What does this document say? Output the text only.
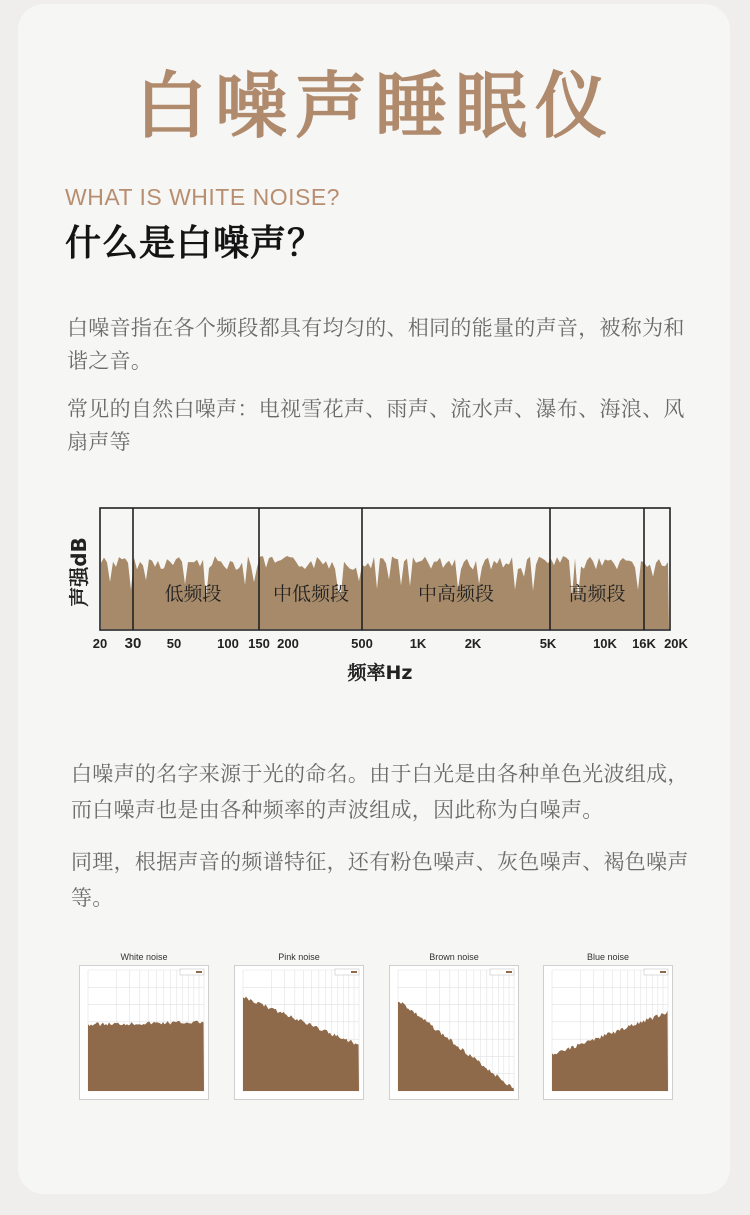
白噪声睡眠仪
WHAT IS WHITE NOISE?
什么是白噪声？

白噪音指在各个频段都具有均匀的、相同的能量的声音，被称为和谐之音。

常见的自然白噪声：电视雪花声、雨声、流水声、瀑布、海浪、风扇声等

低频段	中低频段	中高频段	高频段
声强dB
20 30 50	100 150 200	500	1K	2K	5K	10K 16K 20K
频率Hz

白噪声的名字来源于光的命名。由于白光是由各种单色光波组成，而白噪声也是由各种频率的声波组成，因此称为白噪声。

同理，根据声音的频谱特征，还有粉色噪声、灰色噪声、褐色噪声等。

White noise	Pink noise	Brown noise	Blue noise
